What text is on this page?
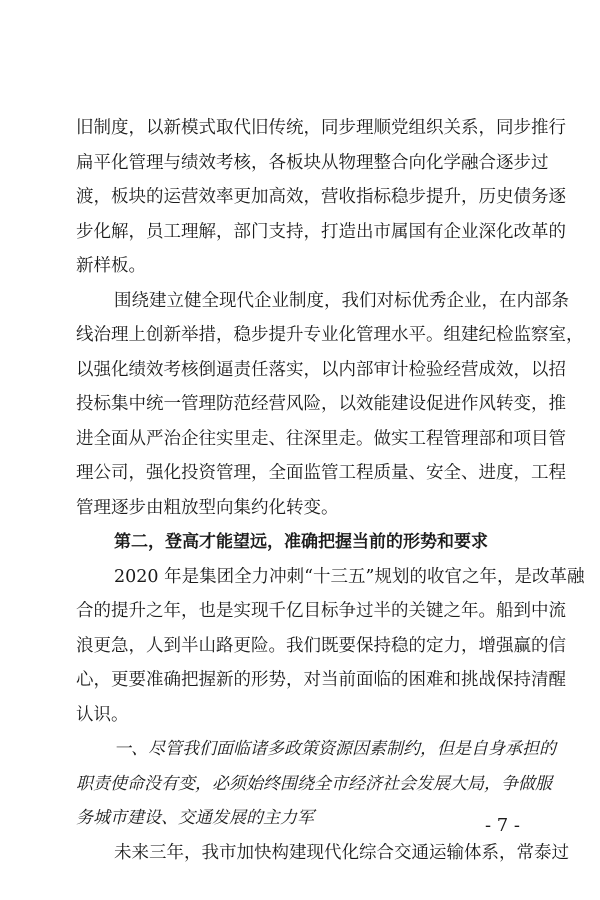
旧制度，以新模式取代旧传统，同步理顺党组织关系，同步推行
扁平化管理与绩效考核，各板块从物理整合向化学融合逐步过
渡，板块的运营效率更加高效，营收指标稳步提升，历史债务逐
步化解，员工理解，部门支持，打造出市属国有企业深化改革的
新样板。
围绕建立健全现代企业制度，我们对标优秀企业，在内部条
线治理上创新举措，稳步提升专业化管理水平。组建纪检监察室，
以强化绩效考核倒逼责任落实，以内部审计检验经营成效，以招
投标集中统一管理防范经营风险，以效能建设促进作风转变，推
进全面从严治企往实里走、往深里走。做实工程管理部和项目管
理公司，强化投资管理，全面监管工程质量、安全、进度，工程
管理逐步由粗放型向集约化转变。
第二，登高才能望远，准确把握当前的形势和要求
2020 年是集团全力冲刺“十三五”规划的收官之年，是改革融
合的提升之年，也是实现千亿目标争过半的关键之年。船到中流
浪更急，人到半山路更险。我们既要保持稳的定力，增强赢的信
心，更要准确把握新的形势，对当前面临的困难和挑战保持清醒
认识。
一、尽管我们面临诸多政策资源因素制约，但是自身承担的
职责使命没有变，必须始终围绕全市经济社会发展大局，争做服
务城市建设、交通发展的主力军
未来三年，我市加快构建现代化综合交通运输体系，常泰过
- 7 -
